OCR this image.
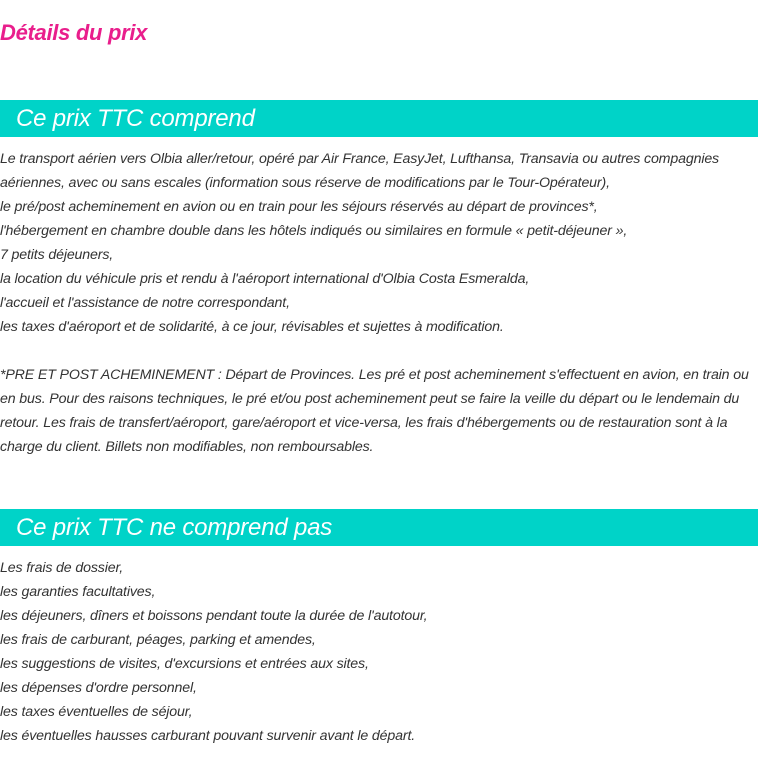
Détails du prix
Ce prix TTC comprend
Le transport aérien vers Olbia aller/retour, opéré par Air France, EasyJet, Lufthansa, Transavia ou autres compagnies
aériennes, avec ou sans escales (information sous réserve de modifications par le Tour-Opérateur),
le pré/post acheminement en avion ou en train pour les séjours réservés au départ de provinces*,
l'hébergement en chambre double dans les hôtels indiqués ou similaires en formule « petit-déjeuner »,
7 petits déjeuners,
la location du véhicule pris et rendu à l'aéroport international d'Olbia Costa Esmeralda,
l'accueil et l'assistance de notre correspondant,
les taxes d'aéroport et de solidarité, à ce jour, révisables et sujettes à modification.
*PRE ET POST ACHEMINEMENT : Départ de Provinces. Les pré et post acheminement s'effectuent en avion, en train ou en bus. Pour des raisons techniques, le pré et/ou post acheminement peut se faire la veille du départ ou le lendemain du retour. Les frais de transfert/aéroport, gare/aéroport et vice-versa, les frais d'hébergements ou de restauration sont à la charge du client. Billets non modifiables, non remboursables.
Ce prix TTC ne comprend pas
Les frais de dossier,
les garanties facultatives,
les déjeuners, dîners et boissons pendant toute la durée de l'autotour,
les frais de carburant, péages, parking et amendes,
les suggestions de visites, d'excursions et entrées aux sites,
les dépenses d'ordre personnel,
les taxes éventuelles de séjour,
les éventuelles hausses carburant pouvant survenir avant le départ.
